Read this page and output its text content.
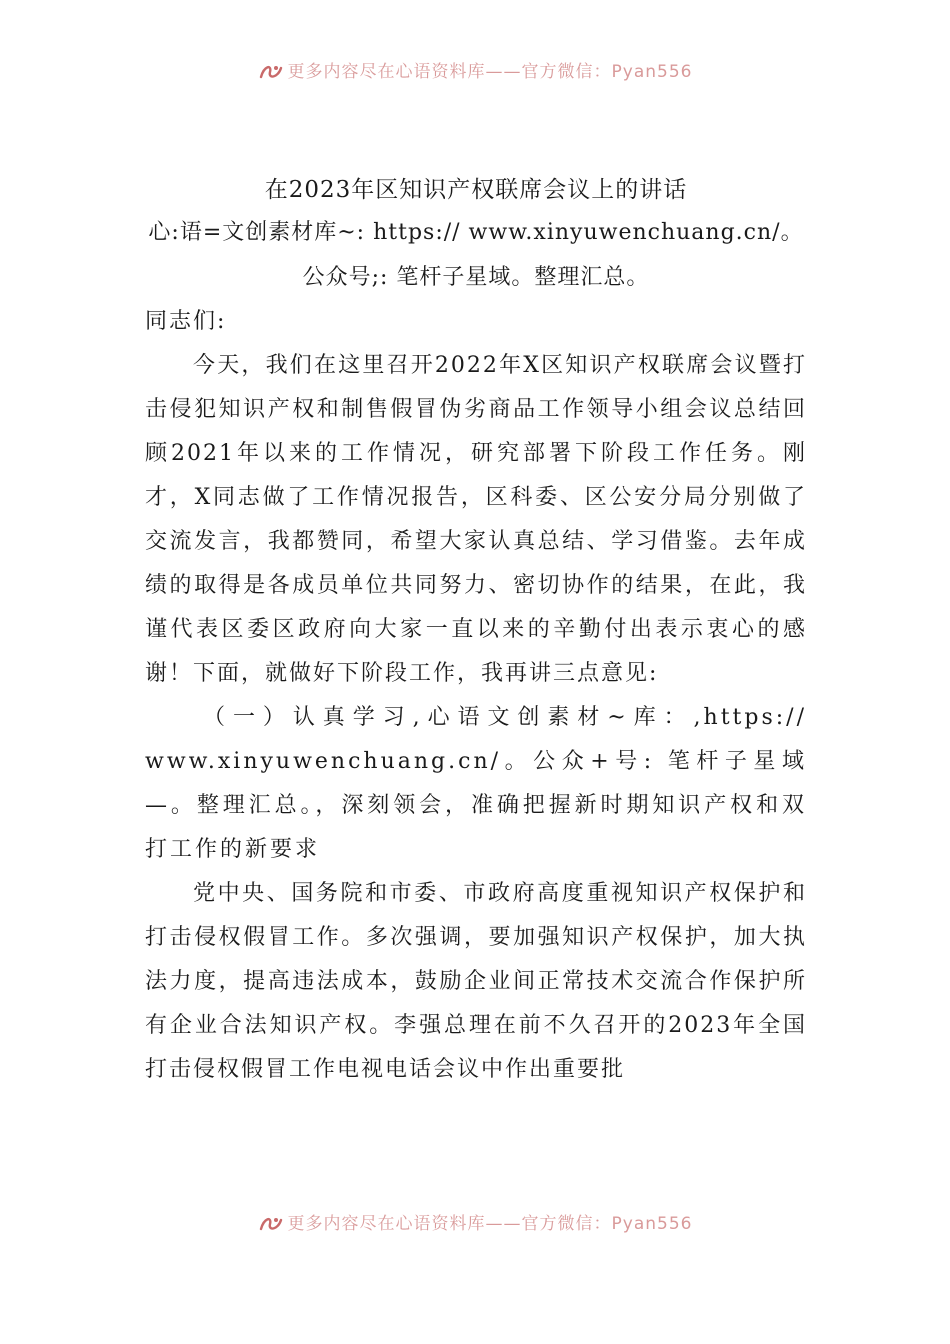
更多内容尽在心语资料库——官方微信：Pyan556
在2023年区知识产权联席会议上的讲话

心:语=文创素材库~: https:// www.xinyuwenchuang.cn/。公众号;: 笔杆子星域。整理汇总。

同志们:

今天，我们在这里召开2022年X区知识产权联席会议暨打击侵犯知识产权和制售假冒伪劣商品工作领导小组会议总结回顾2021年以来的工作情况，研究部署下阶段工作任务。刚才，X同志做了工作情况报告，区科委、区公安分局分别做了交流发言，我都赞同，希望大家认真总结、学习借鉴。去年成绩的取得是各成员单位共同努力、密切协作的结果，在此，我谨代表区委区政府向大家一直以来的辛勤付出表示衷心的感谢！下面，就做好下阶段工作，我再讲三点意见:

（一）认真学习,心语文创素材~库：,https:// www.xinyuwenchuang.cn/。公众+号: 笔杆子星域—。整理汇总。，深刻领会，准确把握新时期知识产权和双打工作的新要求

党中央、国务院和市委、市政府高度重视知识产权保护和打击侵权假冒工作。多次强调，要加强知识产权保护，加大执法力度，提高违法成本，鼓励企业间正常技术交流合作保护所有企业合法知识产权。李强总理在前不久召开的2023年全国打击侵权假冒工作电视电话会议中作出重要批

更多内容尽在心语资料库——官方微信：Pyan556
